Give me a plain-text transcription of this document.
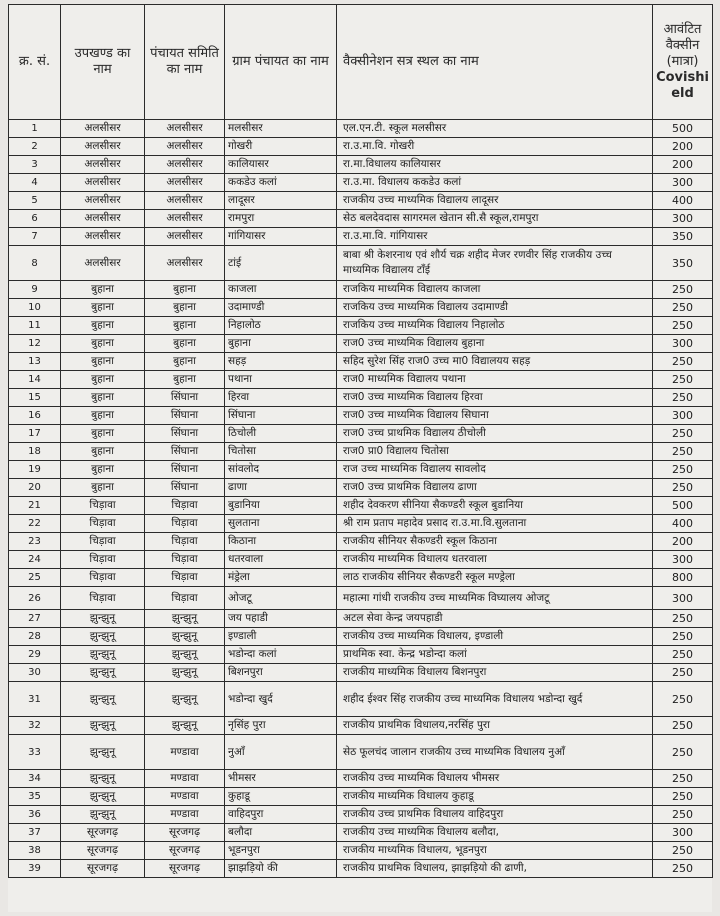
क्र. सं.	उपखण्ड का नाम	पंचायत समिति का नाम	ग्राम पंचायत का नाम	वैक्सीनेशन सत्र स्थल का नाम	आवंटित वैक्सीन (मात्रा)
Covishield

1	अलसीसर	अलसीसर	मलसीसर	एल.एन.टी. स्कूल मलसीसर	500
2	अलसीसर	अलसीसर	गोखरी	रा.उ.मा.वि. गोखरी	200
3	अलसीसर	अलसीसर	कालियासर	रा.मा.विधालय कालियासर	200
4	अलसीसर	अलसीसर	ककडेउ कलां	रा.उ.मा. विधालय ककडेउ कलां	300
5	अलसीसर	अलसीसर	लादूसर	राजकीय उच्च माध्यमिक विद्यालय लादूसर	400
6	अलसीसर	अलसीसर	रामपुरा	सेठ बलदेवदास सागरमल खेतान सी.सै स्कूल,रामपुरा	300
7	अलसीसर	अलसीसर	गांगियासर	रा.उ.मा.वि. गांगियासर	350
8	अलसीसर	अलसीसर	टांई	बाबा श्री केशरनाथ एवं शौर्य चक्र शहीद मेजर रणवीर सिंह राजकीय उच्च माध्यमिक विद्यालय टाँई	350
9	बुहाना	बुहाना	काजला	राजकिय माध्यमिक विद्यालय काजला	250
10	बुहाना	बुहाना	उदामाण्डी	राजकिय उच्च माध्यमिक विद्यालय उदामाण्डी	250
11	बुहाना	बुहाना	निहालोठ	राजकिय उच्च माध्यमिक विद्यालय निहालोठ	250
12	बुहाना	बुहाना	बुहाना	राज0 उच्च माध्यमिक विद्यालय बुहाना	300
13	बुहाना	बुहाना	सहड़	सहिद सुरेश सिंह राज0 उच्च मा0 विद्यालयय सहड़	250
14	बुहाना	बुहाना	पथाना	राज0 माध्यमिक विद्यालय पथाना	250
15	बुहाना	सिंघाना	हिरवा	राज0 उच्च माध्यमिक विद्यालय हिरवा	250
16	बुहाना	सिंघाना	सिंघाना	राज0 उच्च माध्यमिक विद्यालय सिघाना	300
17	बुहाना	सिंघाना	ठिचोली	राज0 उच्च प्राथमिक विद्यालय ठीचोली	250
18	बुहाना	सिंघाना	चितोसा	राज0 प्रा0 विद्यालय चितोसा	250
19	बुहाना	सिंघाना	सांवलोद	राज उच्च माध्यमिक विद्यालय सावलोद	250
20	बुहाना	सिंघाना	ढाणा	राज0 उच्च प्राथमिक विद्यालय ढाणा	250
21	चिड़ावा	चिड़ावा	बुडानिया	शहीद देवकरण सीनिया सैकण्डरी स्कूल बुडानिया	500
22	चिड़ावा	चिड़ावा	सुलताना	श्री राम प्रताप महादेव प्रसाद रा.उ.मा.वि.सुलताना	400
23	चिड़ावा	चिड़ावा	किठाना	राजकीय सीनियर सैकण्डरी स्कूल किठाना	200
24	चिड़ावा	चिड़ावा	धतरवाला	राजकीय माध्यमिक विधालय धतरवाला	300
25	चिड़ावा	चिड़ावा	मंड्रेला	लाठ राजकीय सीनियर सैकण्डरी स्कूल मण्ड्रेला	800
26	चिड़ावा	चिड़ावा	ओजटू	महात्मा गांधी राजकीय उच्च माध्यमिक विघ्यालय ओजटू	300
27	झुन्झुनू	झुन्झुनू	जय पहाडी	अटल सेवा केन्द्र जयपहाडी	250
28	झुन्झुनू	झुन्झुनू	इण्डाली	राजकीय उच्च माध्यमिक विधालय, इण्डाली	250
29	झुन्झुनू	झुन्झुनू	भडोन्दा कलां	प्राथमिक स्वा. केन्द्र भडोन्दा कलां	250
30	झुन्झुनू	झुन्झुनू	बिशनपुरा	राजकीय माध्यमिक विधालय बिशनपुरा	250
31	झुन्झुनू	झुन्झुनू	भडोन्दा खुर्द	शहीद ईश्वर सिंह राजकीय उच्च माध्यमिक विधालय भडोन्दा खुर्द	250
32	झुन्झुनू	झुन्झुनू	नृसिंह पुरा	राजकीय प्राथमिक विधालय,नरसिंह पुरा	250
33	झुन्झुनू	मण्डावा	नुआँ	सेठ फूलचंद जालान राजकीय उच्च माध्यमिक विधालय नुआँ	250
34	झुन्झुनू	मण्डावा	भीमसर	राजकीय उच्च माध्यमिक विधालय भीमसर	250
35	झुन्झुनू	मण्डावा	कुहाडू	राजकीय माध्यमिक विधालय कुहाडू	250
36	झुन्झुनू	मण्डावा	वाहिदपुरा	राजकीय उच्च प्राथमिक विधालय वाहिदपुरा	250
37	सूरजगढ़	सूरजगढ़	बलौदा	राजकीय उच्च माध्यमिक विधालय बलौदा,	300
38	सूरजगढ़	सूरजगढ़	भूडनपुरा	राजकीय माध्यमिक विधालय, भूडनपुरा	250
39	सूरजगढ़	सूरजगढ़	झाझड़ियो की	राजकीय प्राथमिक विधालय, झाझड़ियो की ढाणी,	250
